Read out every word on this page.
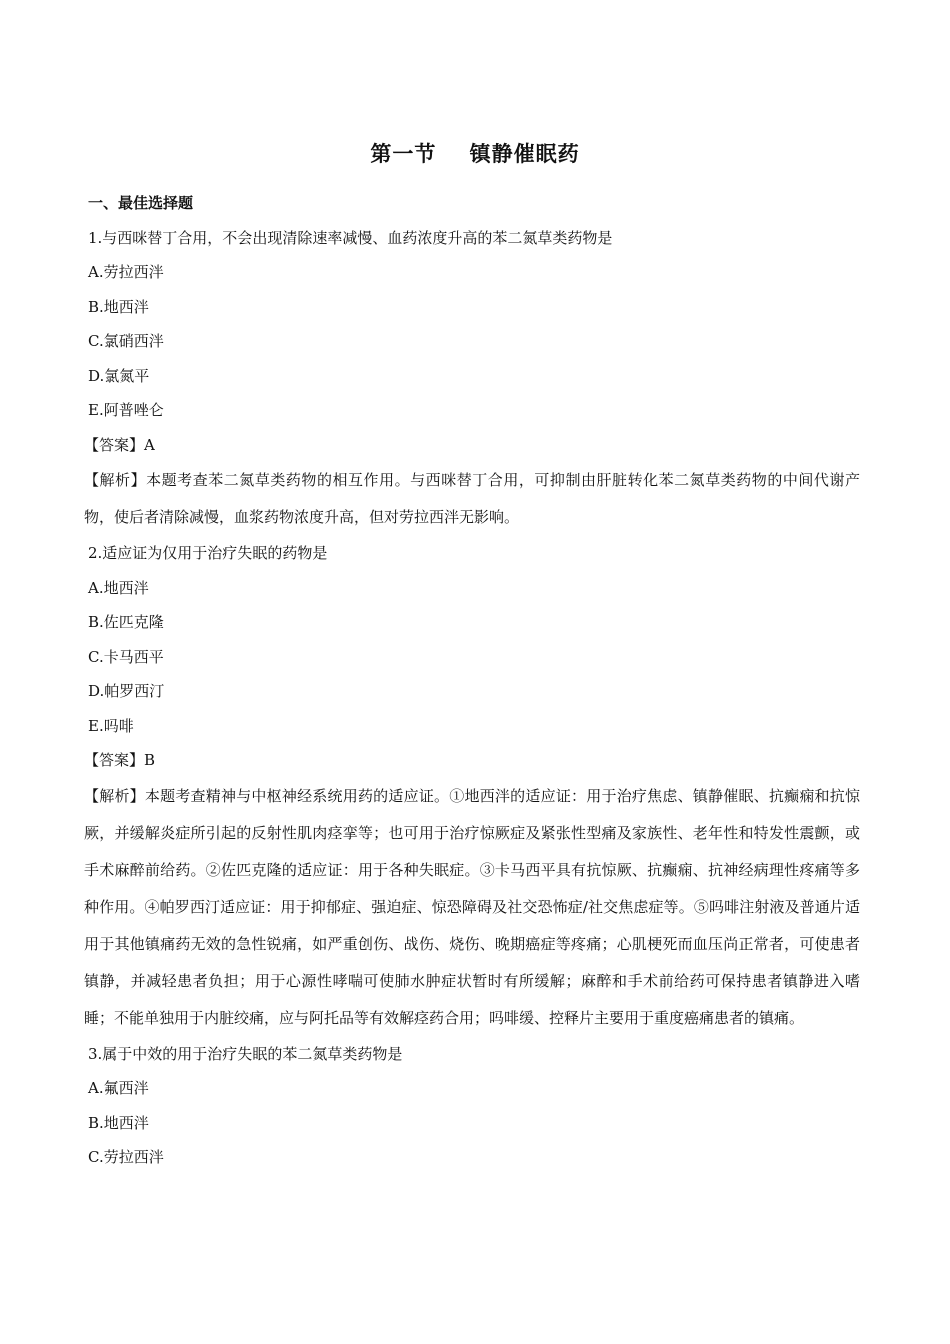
第一节    镇静催眠药

一、最佳选择题

1.与西咪替丁合用，不会出现清除速率减慢、血药浓度升高的苯二氮草类药物是

A.劳拉西泮

B.地西泮

C.氯硝西泮

D.氯氮平

E.阿普唑仑

【答案】A

【解析】本题考查苯二氮草类药物的相互作用。与西咪替丁合用，可抑制由肝脏转化苯二氮草类药物的中间代谢产物，使后者清除减慢，血浆药物浓度升高，但对劳拉西泮无影响。

2.适应证为仅用于治疗失眠的药物是

A.地西泮

B.佐匹克隆

C.卡马西平

D.帕罗西汀

E.吗啡

【答案】B

【解析】本题考查精神与中枢神经系统用药的适应证。①地西泮的适应证：用于治疗焦虑、镇静催眠、抗癫痫和抗惊厥，并缓解炎症所引起的反射性肌肉痉挛等；也可用于治疗惊厥症及紧张性型痛及家族性、老年性和特发性震颤，或手术麻醉前给药。②佐匹克隆的适应证：用于各种失眠症。③卡马西平具有抗惊厥、抗癫痫、抗神经病理性疼痛等多种作用。④帕罗西汀适应证：用于抑郁症、强迫症、惊恐障碍及社交恐怖症/社交焦虑症等。⑤吗啡注射液及普通片适用于其他镇痛药无效的急性锐痛，如严重创伤、战伤、烧伤、晚期癌症等疼痛；心肌梗死而血压尚正常者，可使患者镇静，并减轻患者负担；用于心源性哮喘可使肺水肿症状暂时有所缓解；麻醉和手术前给药可保持患者镇静进入嗜睡；不能单独用于内脏绞痛，应与阿托品等有效解痉药合用；吗啡缓、控释片主要用于重度癌痛患者的镇痛。

3.属于中效的用于治疗失眠的苯二氮草类药物是

A.氟西泮

B.地西泮

C.劳拉西泮
